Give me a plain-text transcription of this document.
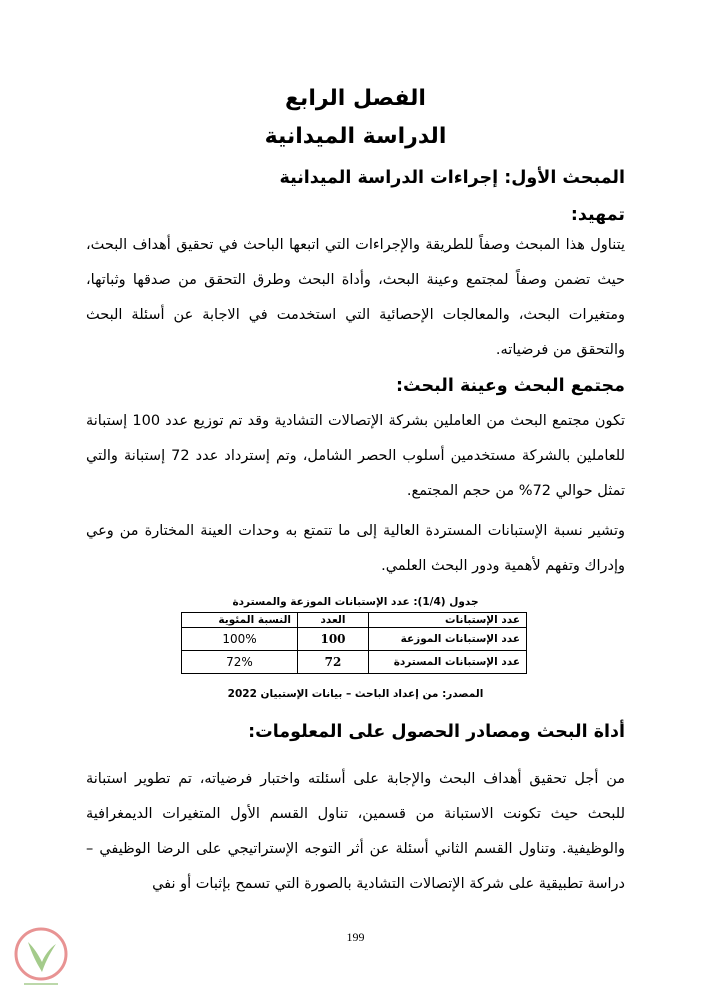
الفصل الرابع
الدراسة الميدانية
المبحث الأول: إجراءات الدراسة الميدانية
تمهيد:
يتناول هذا المبحث وصفاً للطريقة والإجراءات التي اتبعها الباحث في تحقيق أهداف البحث، حيث تضمن وصفاً لمجتمع وعينة البحث، وأداة البحث وطرق التحقق من صدقها وثباتها، ومتغيرات البحث، والمعالجات الإحصائية التي استخدمت في الاجابة عن أسئلة البحث والتحقق من فرضياته.
مجتمع البحث وعينة البحث:
تكون مجتمع البحث من العاملين بشركة الإتصالات التشادية وقد تم توزيع عدد 100 إستبانة للعاملين بالشركة مستخدمين أسلوب الحصر الشامل، وتم إسترداد عدد 72 إستبانة والتي تمثل حوالي 72% من حجم المجتمع.
وتشير نسبة الإستبانات المستردة العالية إلى ما تتمتع به وحدات العينة المختارة من وعي وإدراك وتفهم لأهمية ودور البحث العلمي.
جدول (1/4): عدد الإستبانات الموزعة والمستردة
عدد الإستبانات	العدد	النسبة المئوية
عدد الإستبانات الموزعة	100	100%
عدد الإستبانات المستردة	72	72%
المصدر: من إعداد الباحث – بيانات الإستبيان 2022
أداة البحث ومصادر الحصول على المعلومات:
من أجل تحقيق أهداف البحث والإجابة على أسئلته واختبار فرضياته، تم تطوير استبانة للبحث حيث تكونت الاستبانة من قسمين، تناول القسم الأول المتغيرات الديمغرافية والوظيفية. وتناول القسم الثاني أسئلة عن أثر التوجه الإستراتيجي على الرضا الوظيفي – دراسة تطبيقية على شركة الإتصالات التشادية بالصورة التي تسمح بإثبات أو نفي
199
